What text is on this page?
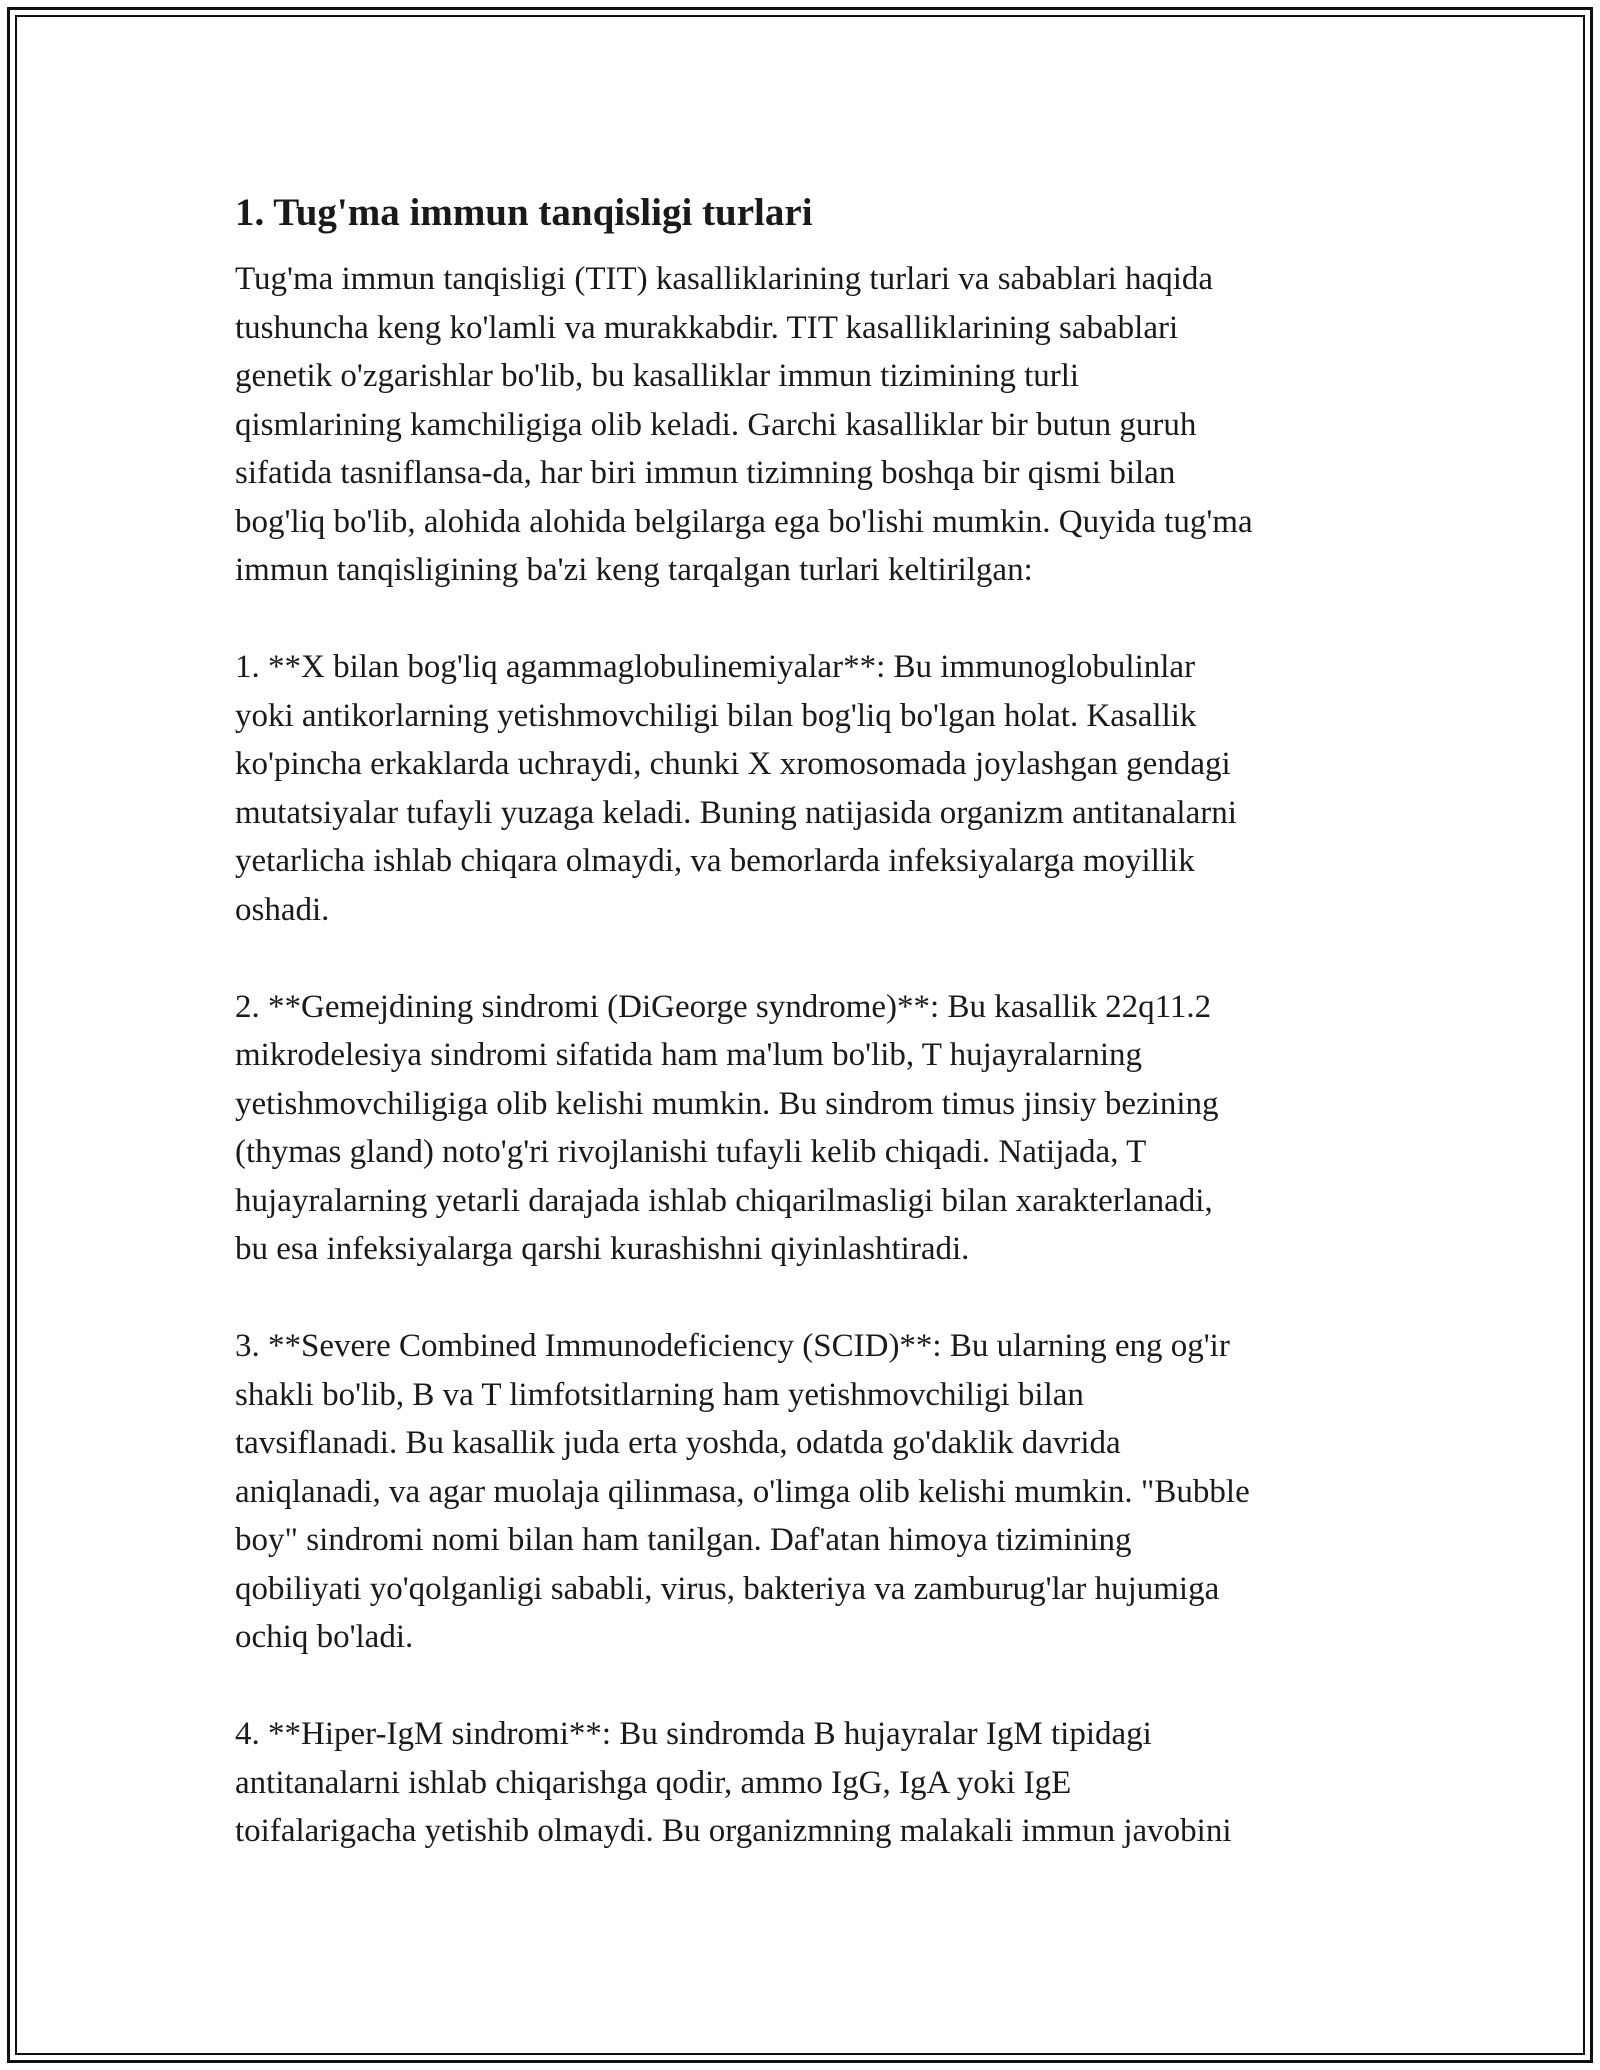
1. Tug'ma immun tanqisligi turlari

Tug'ma immun tanqisligi (TIT) kasalliklarining turlari va sabablari haqida
tushuncha keng ko'lamli va murakkabdir. TIT kasalliklarining sabablari
genetik o'zgarishlar bo'lib, bu kasalliklar immun tizimining turli
qismlarining kamchiligiga olib keladi. Garchi kasalliklar bir butun guruh
sifatida tasniflansa-da, har biri immun tizimning boshqa bir qismi bilan
bog'liq bo'lib, alohida alohida belgilarga ega bo'lishi mumkin. Quyida tug'ma
immun tanqisligining ba'zi keng tarqalgan turlari keltirilgan:

1. **X bilan bog'liq agammaglobulinemiyalar**: Bu immunoglobulinlar
yoki antikorlarning yetishmovchiligi bilan bog'liq bo'lgan holat. Kasallik
ko'pincha erkaklarda uchraydi, chunki X xromosomada joylashgan gendagi
mutatsiyalar tufayli yuzaga keladi. Buning natijasida organizm antitanalarni
yetarlicha ishlab chiqara olmaydi, va bemorlarda infeksiyalarga moyillik
oshadi.

2. **Gemejdining sindromi (DiGeorge syndrome)**: Bu kasallik 22q11.2
mikrodelesiya sindromi sifatida ham ma'lum bo'lib, T hujayralarning
yetishmovchiligiga olib kelishi mumkin. Bu sindrom timus jinsiy bezining
(thymas gland) noto'g'ri rivojlanishi tufayli kelib chiqadi. Natijada, T
hujayralarning yetarli darajada ishlab chiqarilmasligi bilan xarakterlanadi,
bu esa infeksiyalarga qarshi kurashishni qiyinlashtiradi.

3. **Severe Combined Immunodeficiency (SCID)**: Bu ularning eng og'ir
shakli bo'lib, B va T limfotsitlarning ham yetishmovchiligi bilan
tavsiflanadi. Bu kasallik juda erta yoshda, odatda go'daklik davrida
aniqlanadi, va agar muolaja qilinmasa, o'limga olib kelishi mumkin. "Bubble
boy" sindromi nomi bilan ham tanilgan. Daf'atan himoya tizimining
qobiliyati yo'qolganligi sababli, virus, bakteriya va zamburug'lar hujumiga
ochiq bo'ladi.

4. **Hiper-IgM sindromi**: Bu sindromda B hujayralar IgM tipidagi
antitanalarni ishlab chiqarishga qodir, ammo IgG, IgA yoki IgE
toifalarigacha yetishib olmaydi. Bu organizmning malakali immun javobini
